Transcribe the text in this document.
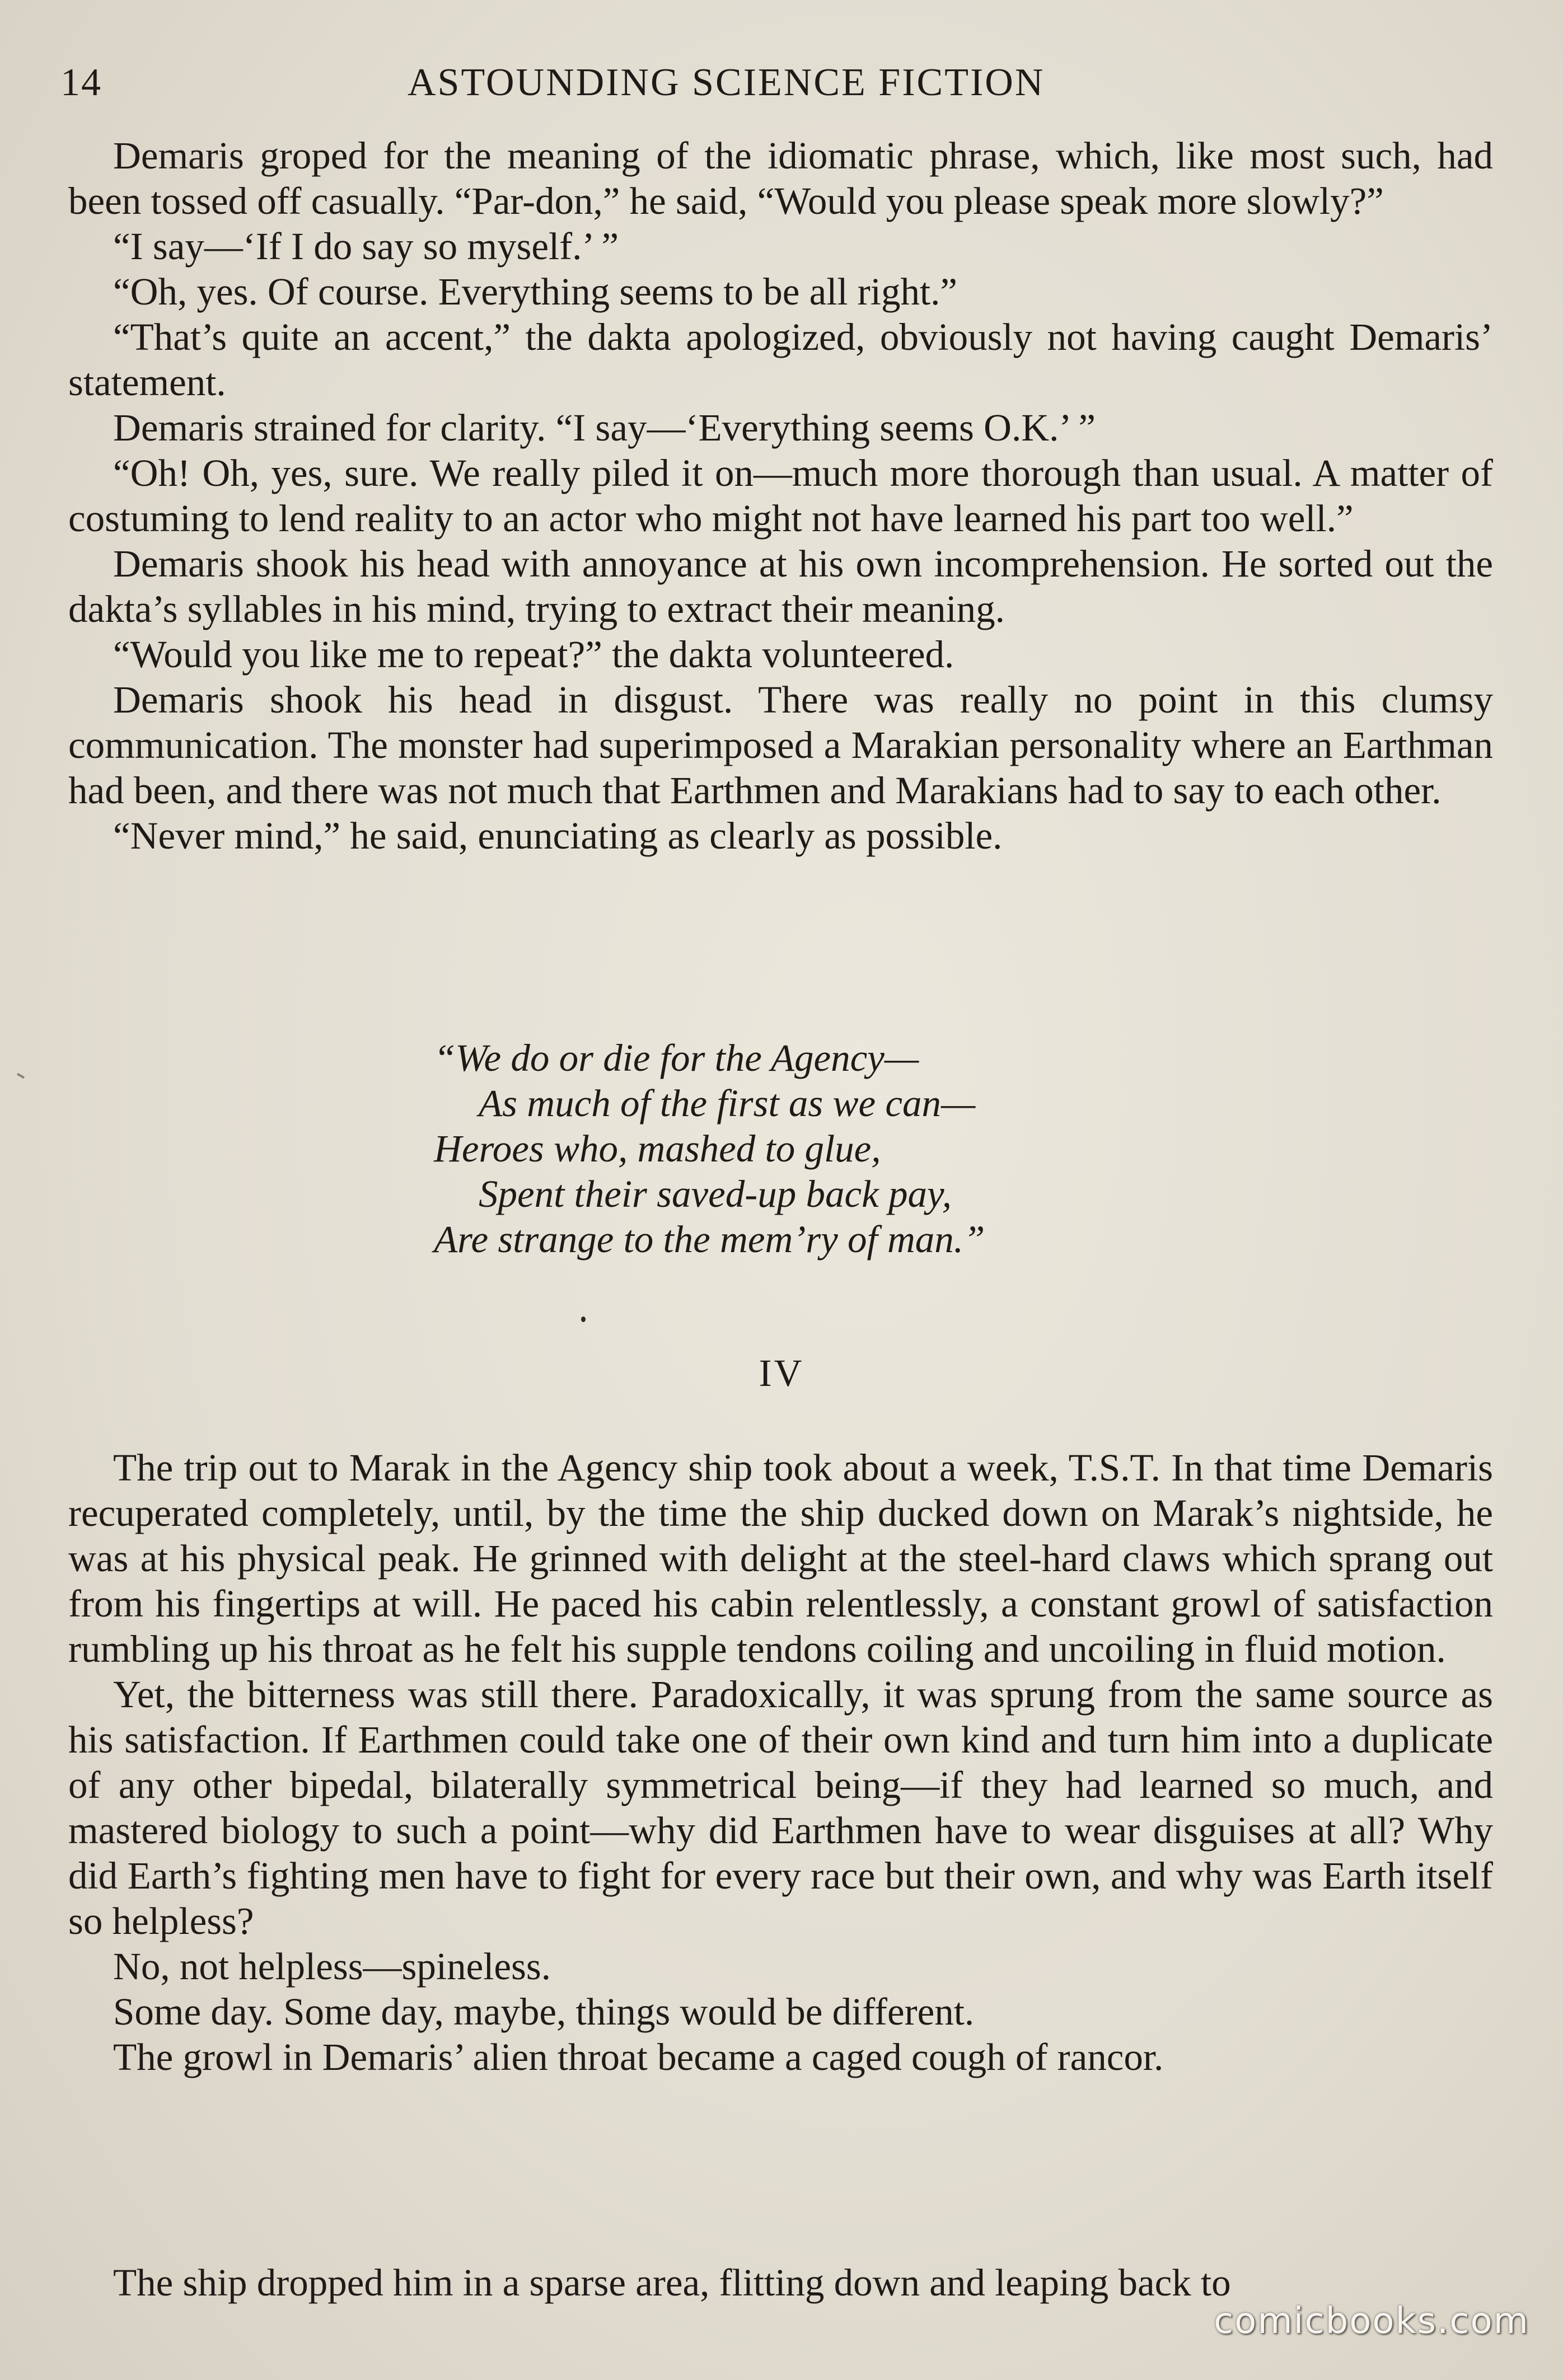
14	ASTOUNDING SCIENCE FICTION

Demaris groped for the meaning of the idiomatic phrase, which, like most such, had been tossed off casually. “Par-don,” he said, “Would you please speak more slowly?”

“I say—‘If I do say so myself.’ ”

“Oh, yes. Of course. Everything seems to be all right.”

“That’s quite an accent,” the dakta apologized, obviously not having caught Demaris’ statement.

Demaris strained for clarity. “I say—‘Everything seems O.K.’ ”

“Oh! Oh, yes, sure. We really piled it on—much more thorough than usual. A matter of costuming to lend reality to an actor who might not have learned his part too well.”

Demaris shook his head with annoyance at his own incomprehension. He sorted out the dakta’s syllables in his mind, trying to extract their meaning.

“Would you like me to repeat?” the dakta volunteered.

Demaris shook his head in disgust. There was really no point in this clumsy communication. The monster had superimposed a Marakian personality where an Earthman had been, and there was not much that Earthmen and Marakians had to say to each other.

“Never mind,” he said, enunciating as clearly as possible.

“We do or die for the Agency—
As much of the first as we can—
Heroes who, mashed to glue,
Spent their saved-up back pay,
Are strange to the mem’ry of man.”
IV

The trip out to Marak in the Agency ship took about a week, T.S.T. In that time Demaris recuperated completely, until, by the time the ship ducked down on Marak’s nightside, he was at his physical peak. He grinned with delight at the steel-hard claws which sprang out from his fingertips at will. He paced his cabin relentlessly, a constant growl of satisfaction rumbling up his throat as he felt his supple tendons coiling and uncoiling in fluid motion.

Yet, the bitterness was still there. Paradoxically, it was sprung from the same source as his satisfaction. If Earthmen could take one of their own kind and turn him into a duplicate of any other bipedal, bilaterally symmetrical being—if they had learned so much, and mastered biology to such a point—why did Earthmen have to wear disguises at all? Why did Earth’s fighting men have to fight for every race but their own, and why was Earth itself so helpless?

No, not helpless—spineless.

Some day. Some day, maybe, things would be different.

The growl in Demaris’ alien throat became a caged cough of rancor.

The ship dropped him in a sparse area, flitting down and leaping back to

comicbooks.com
